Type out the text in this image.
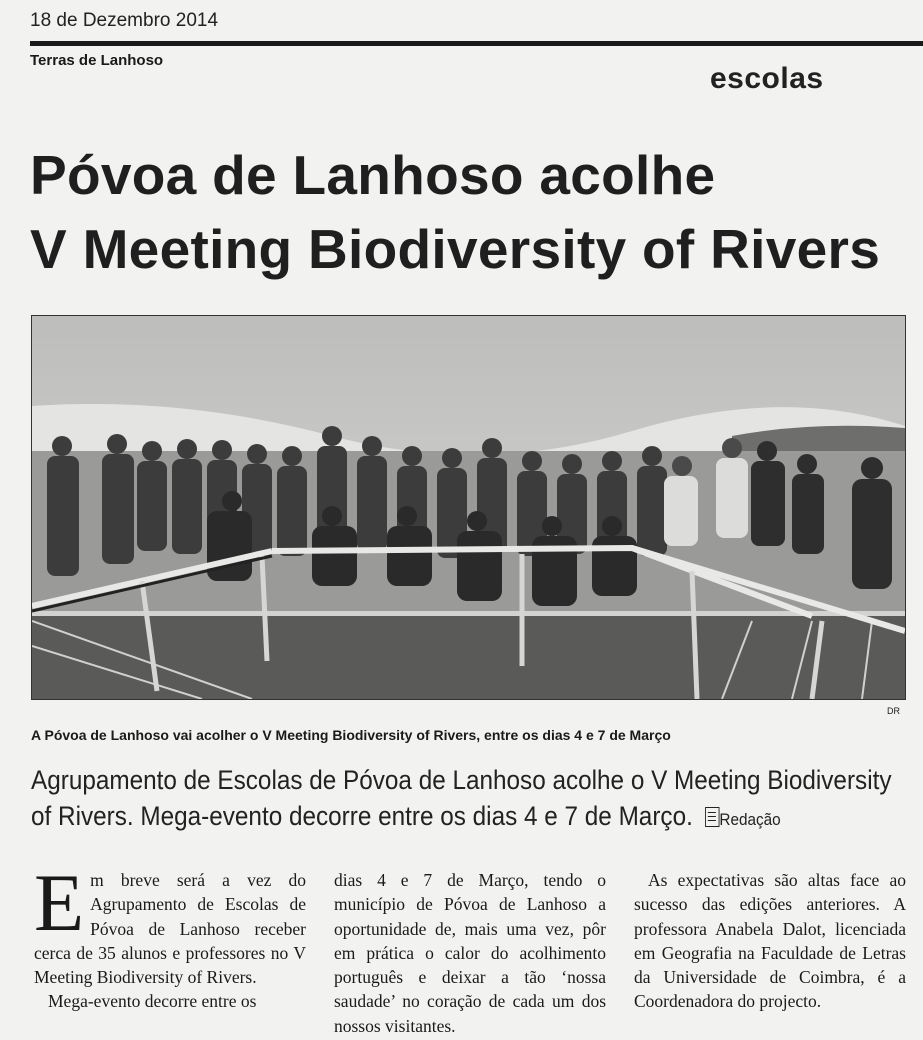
18 de Dezembro 2014
Terras de Lanhoso
escolas
Póvoa de Lanhoso acolhe
V Meeting Biodiversity of Rivers
DR
A Póvoa de Lanhoso vai acolher o V Meeting Biodiversity of Rivers, entre os dias 4 e 7 de Março
Agrupamento de Escolas de Póvoa de Lanhoso acolhe o V Meeting Biodiversity of Rivers. Mega-evento decorre entre os dias 4 e 7 de Março. Redação

Em breve será a vez do Agrupamento de Escolas de Póvoa de Lanhoso receber cerca de 35 alunos e professores no V Meeting Biodiversity of Rivers.

Mega-evento decorre entre os

dias 4 e 7 de Março, tendo o município de Póvoa de Lanhoso a oportunidade de, mais uma vez, pôr em prática o calor do acolhimento português e deixar a tão ‘nossa saudade’ no coração de cada um dos nossos visitantes.

As expectativas são altas face ao sucesso das edições anteriores. A professora Anabela Dalot, licenciada em Geografia na Faculdade de Letras da Universidade de Coimbra, é a Coordenadora do projecto.
